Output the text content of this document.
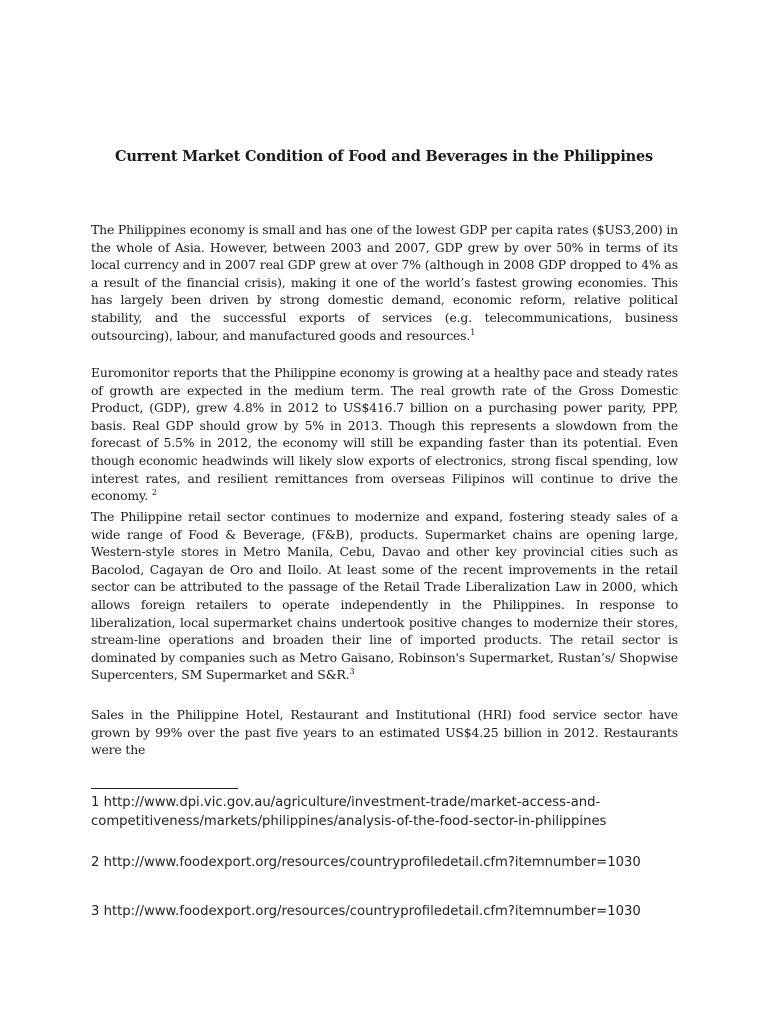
Current Market Condition of Food and Beverages in the Philippines
The Philippines economy is small and has one of the lowest GDP per capita rates ($US3,200) in the whole of Asia. However, between 2003 and 2007, GDP grew by over 50% in terms of its local currency and in 2007 real GDP grew at over 7% (although in 2008 GDP dropped to 4% as a result of the financial crisis), making it one of the world’s fastest growing economies. This has largely been driven by strong domestic demand, economic reform, relative political stability, and the successful exports of services (e.g. telecommunications, business outsourcing), labour, and manufactured goods and resources.$^1$
Euromonitor reports that the Philippine economy is growing at a healthy pace and steady rates of growth are expected in the medium term. The real growth rate of the Gross Domestic Product, (GDP), grew 4.8% in 2012 to US$416.7 billion on a purchasing power parity, PPP, basis. Real GDP should grow by 5% in 2013. Though this represents a slowdown from the forecast of 5.5% in 2012, the economy will still be expanding faster than its potential. Even though economic headwinds will likely slow exports of electronics, strong fiscal spending, low interest rates, and resilient remittances from overseas Filipinos will continue to drive the economy. $^2$
The Philippine retail sector continues to modernize and expand, fostering steady sales of a wide range of Food & Beverage, (F&B), products. Supermarket chains are opening large, Western-style stores in Metro Manila, Cebu, Davao and other key provincial cities such as Bacolod, Cagayan de Oro and Iloilo. At least some of the recent improvements in the retail sector can be attributed to the passage of the Retail Trade Liberalization Law in 2000, which allows foreign retailers to operate independently in the Philippines. In response to liberalization, local supermarket chains undertook positive changes to modernize their stores, stream-line operations and broaden their line of imported products. The retail sector is dominated by companies such as Metro Gaisano, Robinson's Supermarket, Rustan’s/ Shopwise Supercenters, SM Supermarket and S&R.$^3$
Sales in the Philippine Hotel, Restaurant and Institutional (HRI) food service sector have grown by 99% over the past five years to an estimated US$4.25 billion in 2012. Restaurants were the
1 http://www.dpi.vic.gov.au/agriculture/investment-trade/market-access-and-competitiveness/markets/philippines/analysis-of-the-food-sector-in-philippines
2 http://www.foodexport.org/resources/countryprofiledetail.cfm?itemnumber=1030
3 http://www.foodexport.org/resources/countryprofiledetail.cfm?itemnumber=1030
